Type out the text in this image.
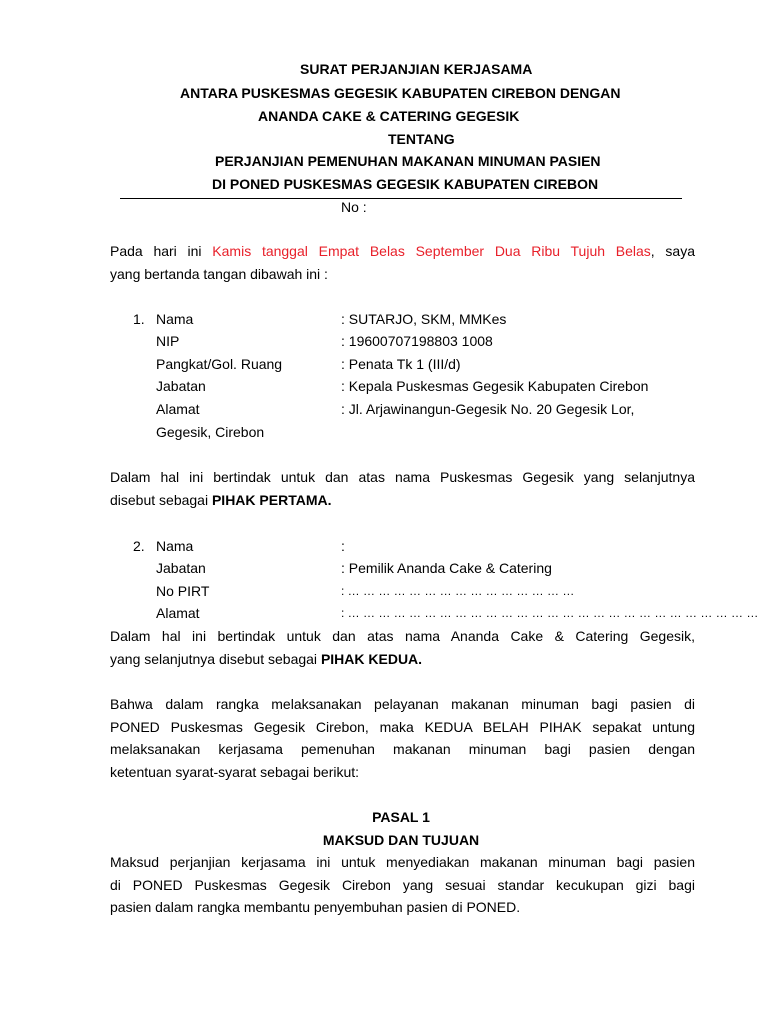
SURAT PERJANJIAN KERJASAMA
ANTARA PUSKESMAS GEGESIK KABUPATEN CIREBON DENGAN
ANANDA CAKE & CATERING GEGESIK
TENTANG
PERJANJIAN PEMENUHAN MAKANAN MINUMAN PASIEN
DI PONED PUSKESMAS GEGESIK KABUPATEN CIREBON
No :
Pada hari ini Kamis tanggal Empat Belas September Dua Ribu Tujuh Belas, saya
yang bertanda tangan dibawah ini :
1. Nama	: SUTARJO, SKM, MMKes
NIP	: 19600707198803 1008
Pangkat/Gol. Ruang	: Penata Tk 1 (III/d)
Jabatan	: Kepala Puskesmas Gegesik Kabupaten Cirebon
Alamat	: Jl. Arjawinangun-Gegesik No. 20 Gegesik Lor,
Gegesik, Cirebon
Dalam hal ini bertindak untuk dan atas nama Puskesmas Gegesik yang selanjutnya
disebut sebagai PIHAK PERTAMA.
2. Nama	:
Jabatan	: Pemilik Ananda Cake & Catering
No PIRT	: … … … … … … … … … … … … … … …
Alamat	: … … … … … … … … … … … … … … … … … … … … … … … … … … …
Dalam hal ini bertindak untuk dan atas nama Ananda Cake & Catering Gegesik,
yang selanjutnya disebut sebagai PIHAK KEDUA.
Bahwa dalam rangka melaksanakan pelayanan makanan minuman bagi pasien di
PONED Puskesmas Gegesik Cirebon, maka KEDUA BELAH PIHAK sepakat untung
melaksanakan kerjasama pemenuhan makanan minuman bagi pasien dengan
ketentuan syarat-syarat sebagai berikut:
PASAL 1
MAKSUD DAN TUJUAN
Maksud perjanjian kerjasama ini untuk menyediakan makanan minuman bagi pasien
di PONED Puskesmas Gegesik Cirebon yang sesuai standar kecukupan gizi bagi
pasien dalam rangka membantu penyembuhan pasien di PONED.
